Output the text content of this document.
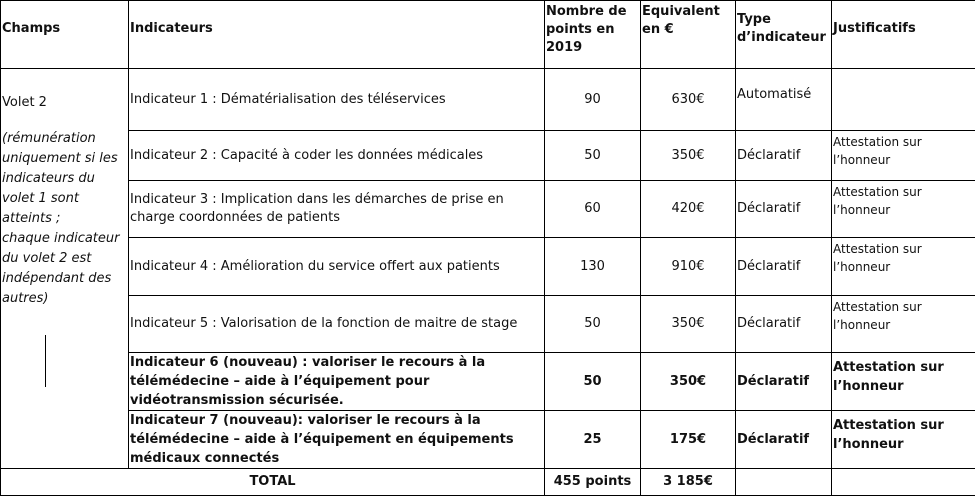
Champs	Indicateurs	Nombre de points en 2019	Equivalent en €	Type d’indicateur	Justificatifs

Volet 2
(rémunération uniquement si les indicateurs du volet 1 sont atteints ;
chaque indicateur du volet 2 est indépendant des autres)	Indicateur 1 : Dématérialisation des téléservices	90	630€	Automatisé	
	Indicateur 2 : Capacité à coder les données médicales	50	350€	Déclaratif	Attestation sur l’honneur
	Indicateur 3 : Implication dans les démarches de prise en charge coordonnées de patients	60	420€	Déclaratif	Attestation sur l’honneur
	Indicateur 4 : Amélioration du service offert aux patients	130	910€	Déclaratif	Attestation sur l’honneur
	Indicateur 5 : Valorisation de la fonction de maitre de stage	50	350€	Déclaratif	Attestation sur l’honneur
	Indicateur 6 (nouveau) : valoriser le recours à la télémédecine – aide à l’équipement pour vidéotransmission sécurisée.	50	350€	Déclaratif	Attestation sur l’honneur
	Indicateur 7 (nouveau): valoriser le recours à la télémédecine – aide à l’équipement en équipements médicaux connectés	25	175€	Déclaratif	Attestation sur l’honneur
TOTAL		455 points	3 185€		
